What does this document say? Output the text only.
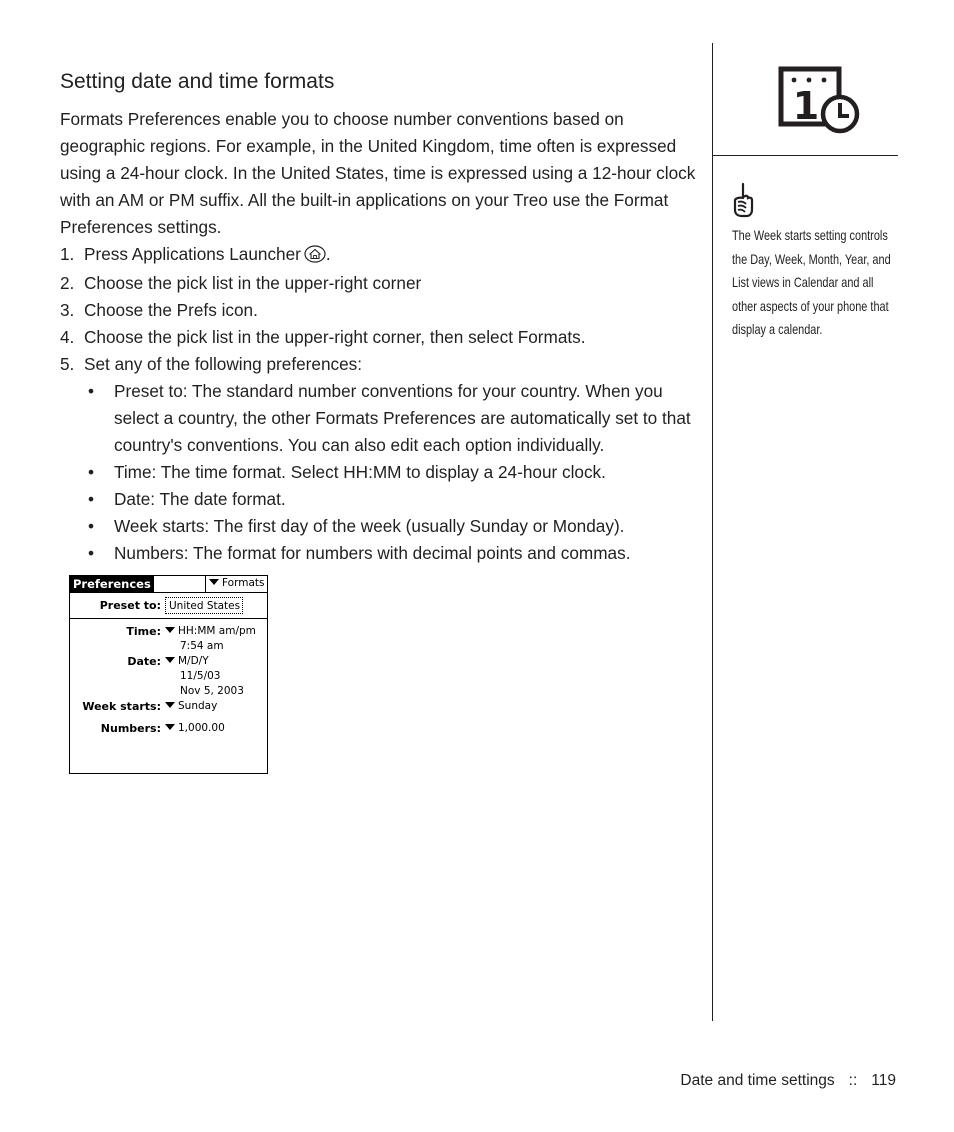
Setting date and time formats

Formats Preferences enable you to choose number conventions based on geographic regions. For example, in the United Kingdom, time often is expressed using a 24-hour clock. In the United States, time is expressed using a 12-hour clock with an AM or PM suffix. All the built-in applications on your Treo use the Format Preferences settings.

1. Press Applications Launcher .
2. Choose the pick list in the upper-right corner
3. Choose the Prefs icon.
4. Choose the pick list in the upper-right corner, then select Formats.
5. Set any of the following preferences:
• Preset to: The standard number conventions for your country. When you select a country, the other Formats Preferences are automatically set to that country's conventions. You can also edit each option individually.
• Time: The time format. Select HH:MM to display a 24-hour clock.
• Date: The date format.
• Week starts: The first day of the week (usually Sunday or Monday).
• Numbers: The format for numbers with decimal points and commas.
Preferences	Formats
Preset to: United States
Time:	HH:MM am/pm
7:54 am
Date:	M/D/Y
11/5/03
Nov 5, 2003
Week starts:	Sunday
Numbers:	1,000.00
1
The Week starts setting controls the Day, Week, Month, Year, and List views in Calendar and all other aspects of your phone that display a calendar.
Date and time settings :: 119
